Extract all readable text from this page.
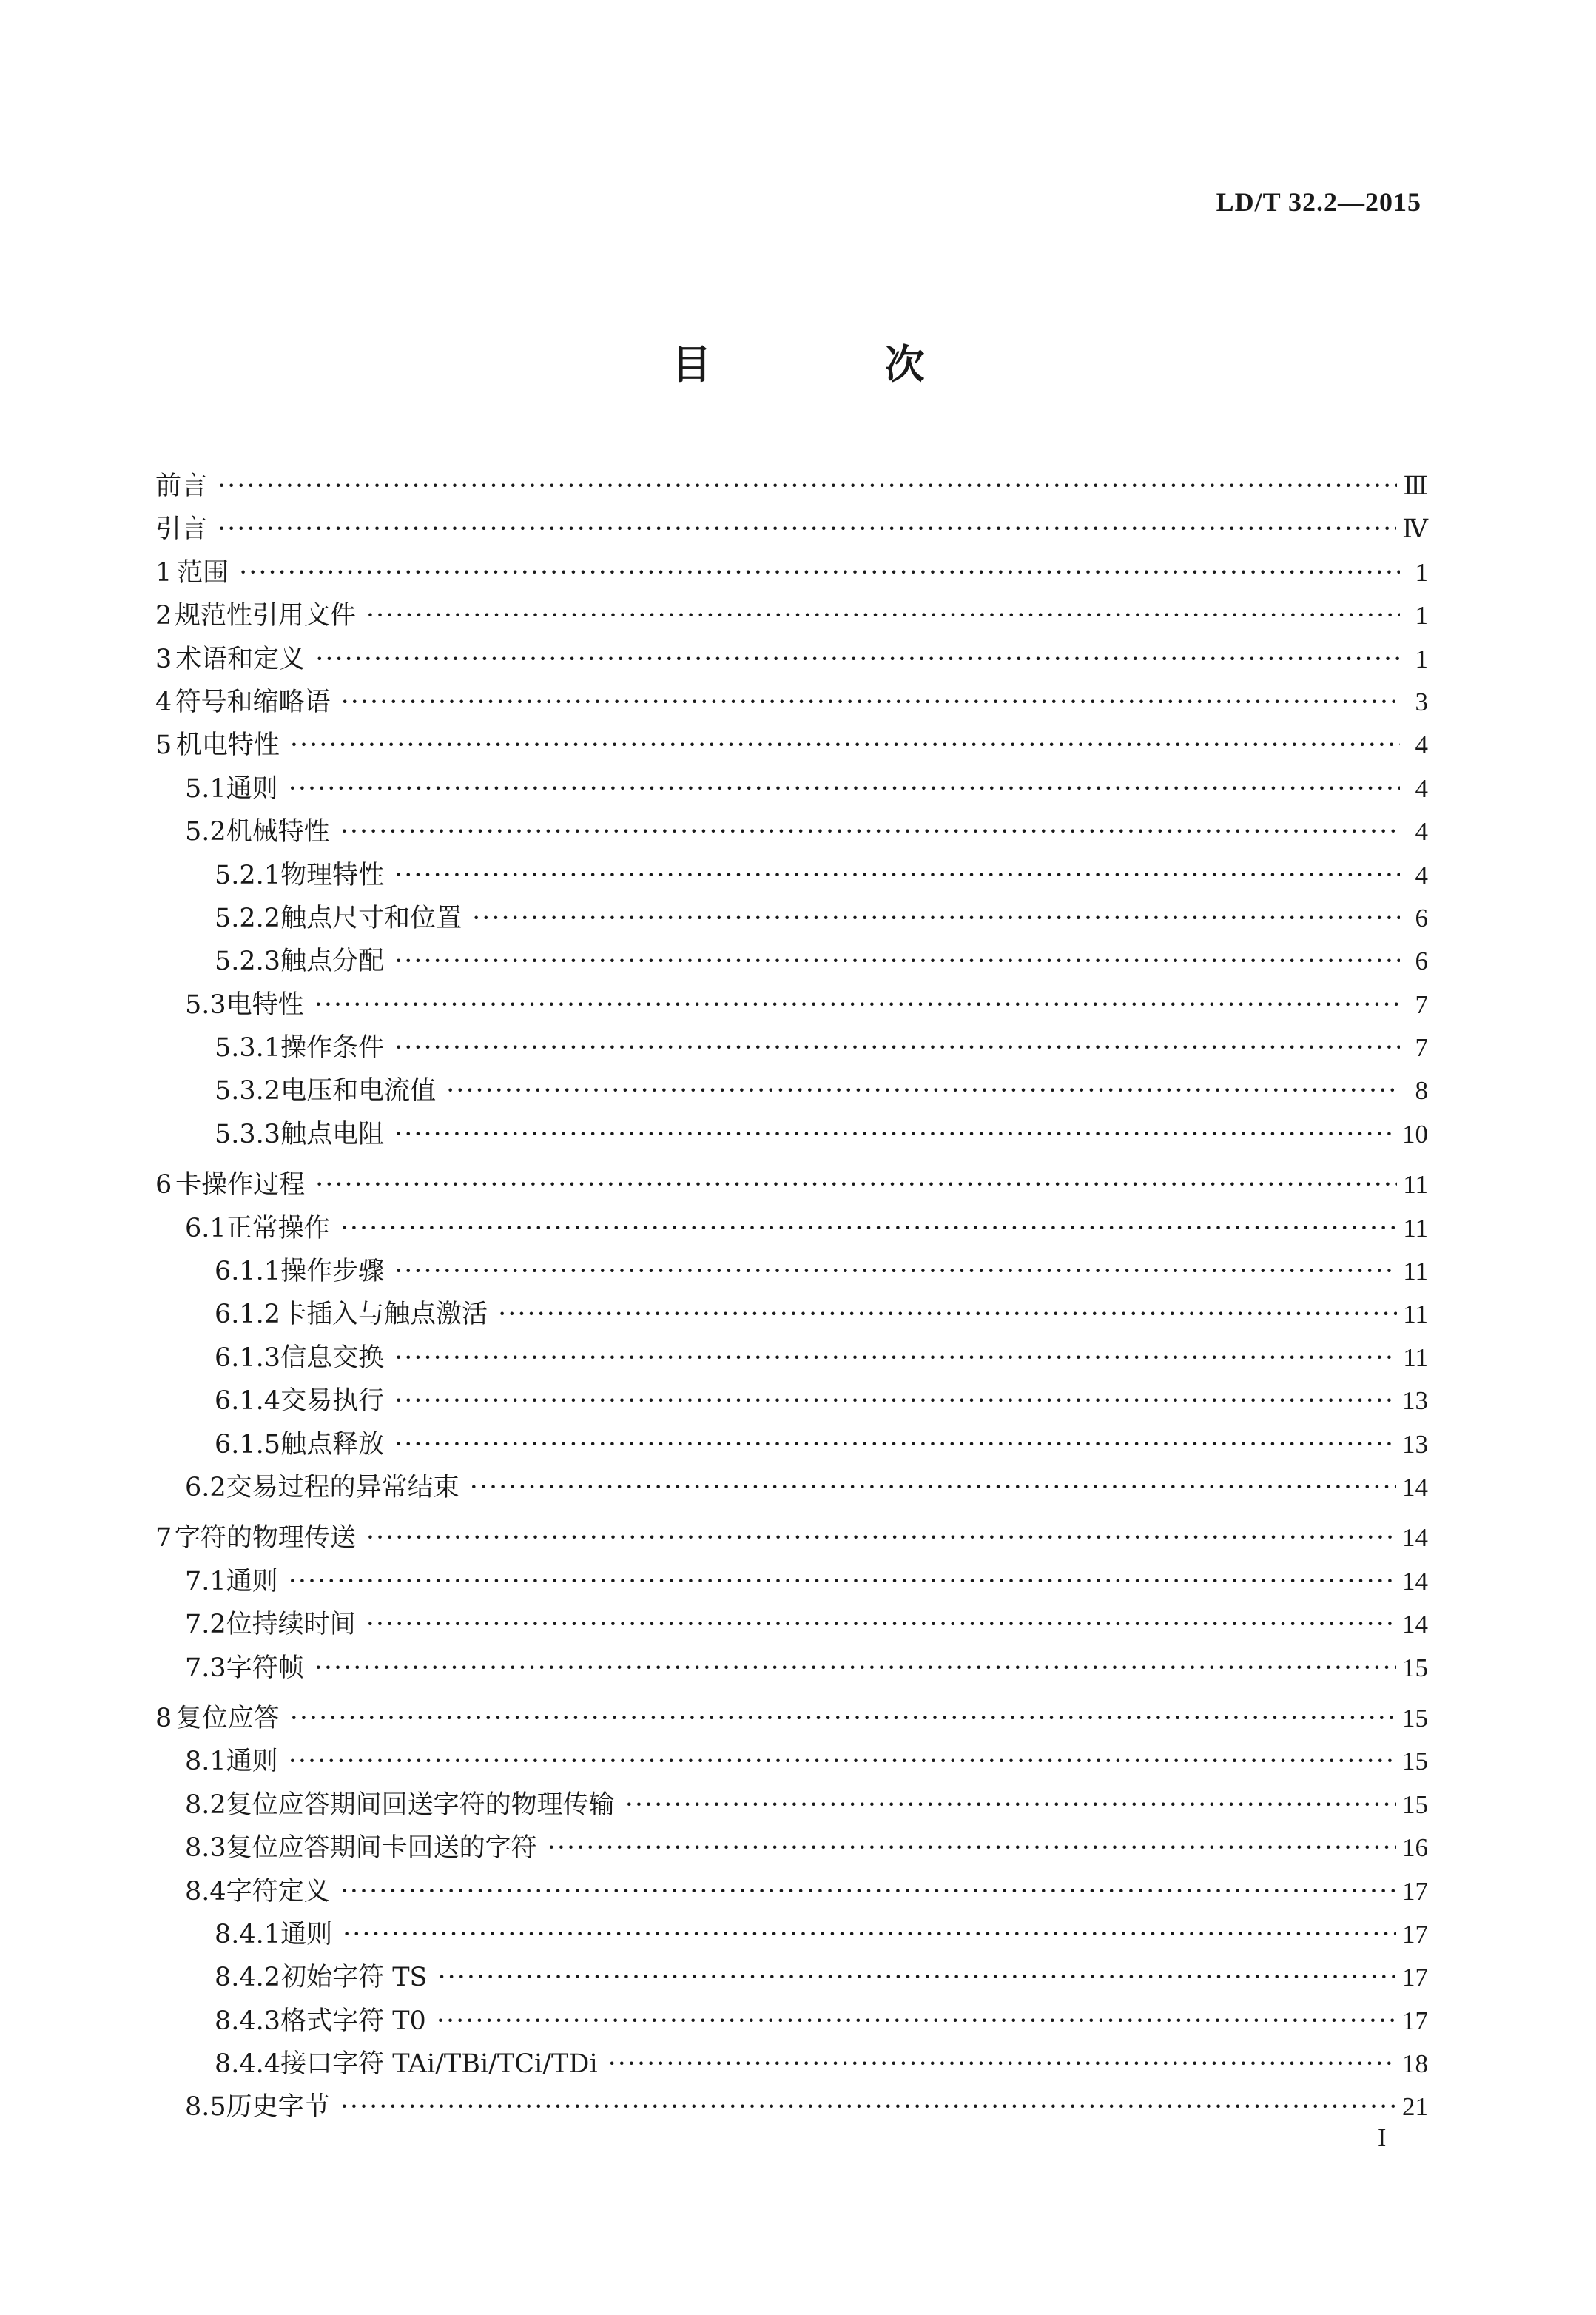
LD/T 32.2—2015
目　次
前言 ·····	Ⅲ
引言 ·····	Ⅳ
1 范围 ·····	1
2 规范性引用文件 ·····	1
3 术语和定义 ·····	1
4 符号和缩略语 ·····	3
5 机电特性 ·····	4
5.1 通则 ·····	4
5.2 机械特性 ·····	4
5.2.1 物理特性 ·····	4
5.2.2 触点尺寸和位置 ·····	6
5.2.3 触点分配 ·····	6
5.3 电特性 ·····	7
5.3.1 操作条件 ·····	7
5.3.2 电压和电流值 ·····	8
5.3.3 触点电阻 ·····	10
6 卡操作过程 ·····	11
6.1 正常操作 ·····	11
6.1.1 操作步骤 ·····	11
6.1.2 卡插入与触点激活 ·····	11
6.1.3 信息交换 ·····	11
6.1.4 交易执行 ·····	13
6.1.5 触点释放 ·····	13
6.2 交易过程的异常结束 ·····	14
7 字符的物理传送 ·····	14
7.1 通则 ·····	14
7.2 位持续时间 ·····	14
7.3 字符帧 ·····	15
8 复位应答 ·····	15
8.1 通则 ·····	15
8.2 复位应答期间回送字符的物理传输 ·····	15
8.3 复位应答期间卡回送的字符 ·····	16
8.4 字符定义 ·····	17
8.4.1 通则 ·····	17
8.4.2 初始字符 TS ·····	17
8.4.3 格式字符 T0 ·····	17
8.4.4 接口字符 TAi/TBi/TCi/TDi ·····	18
8.5 历史字节 ·····	21
I
